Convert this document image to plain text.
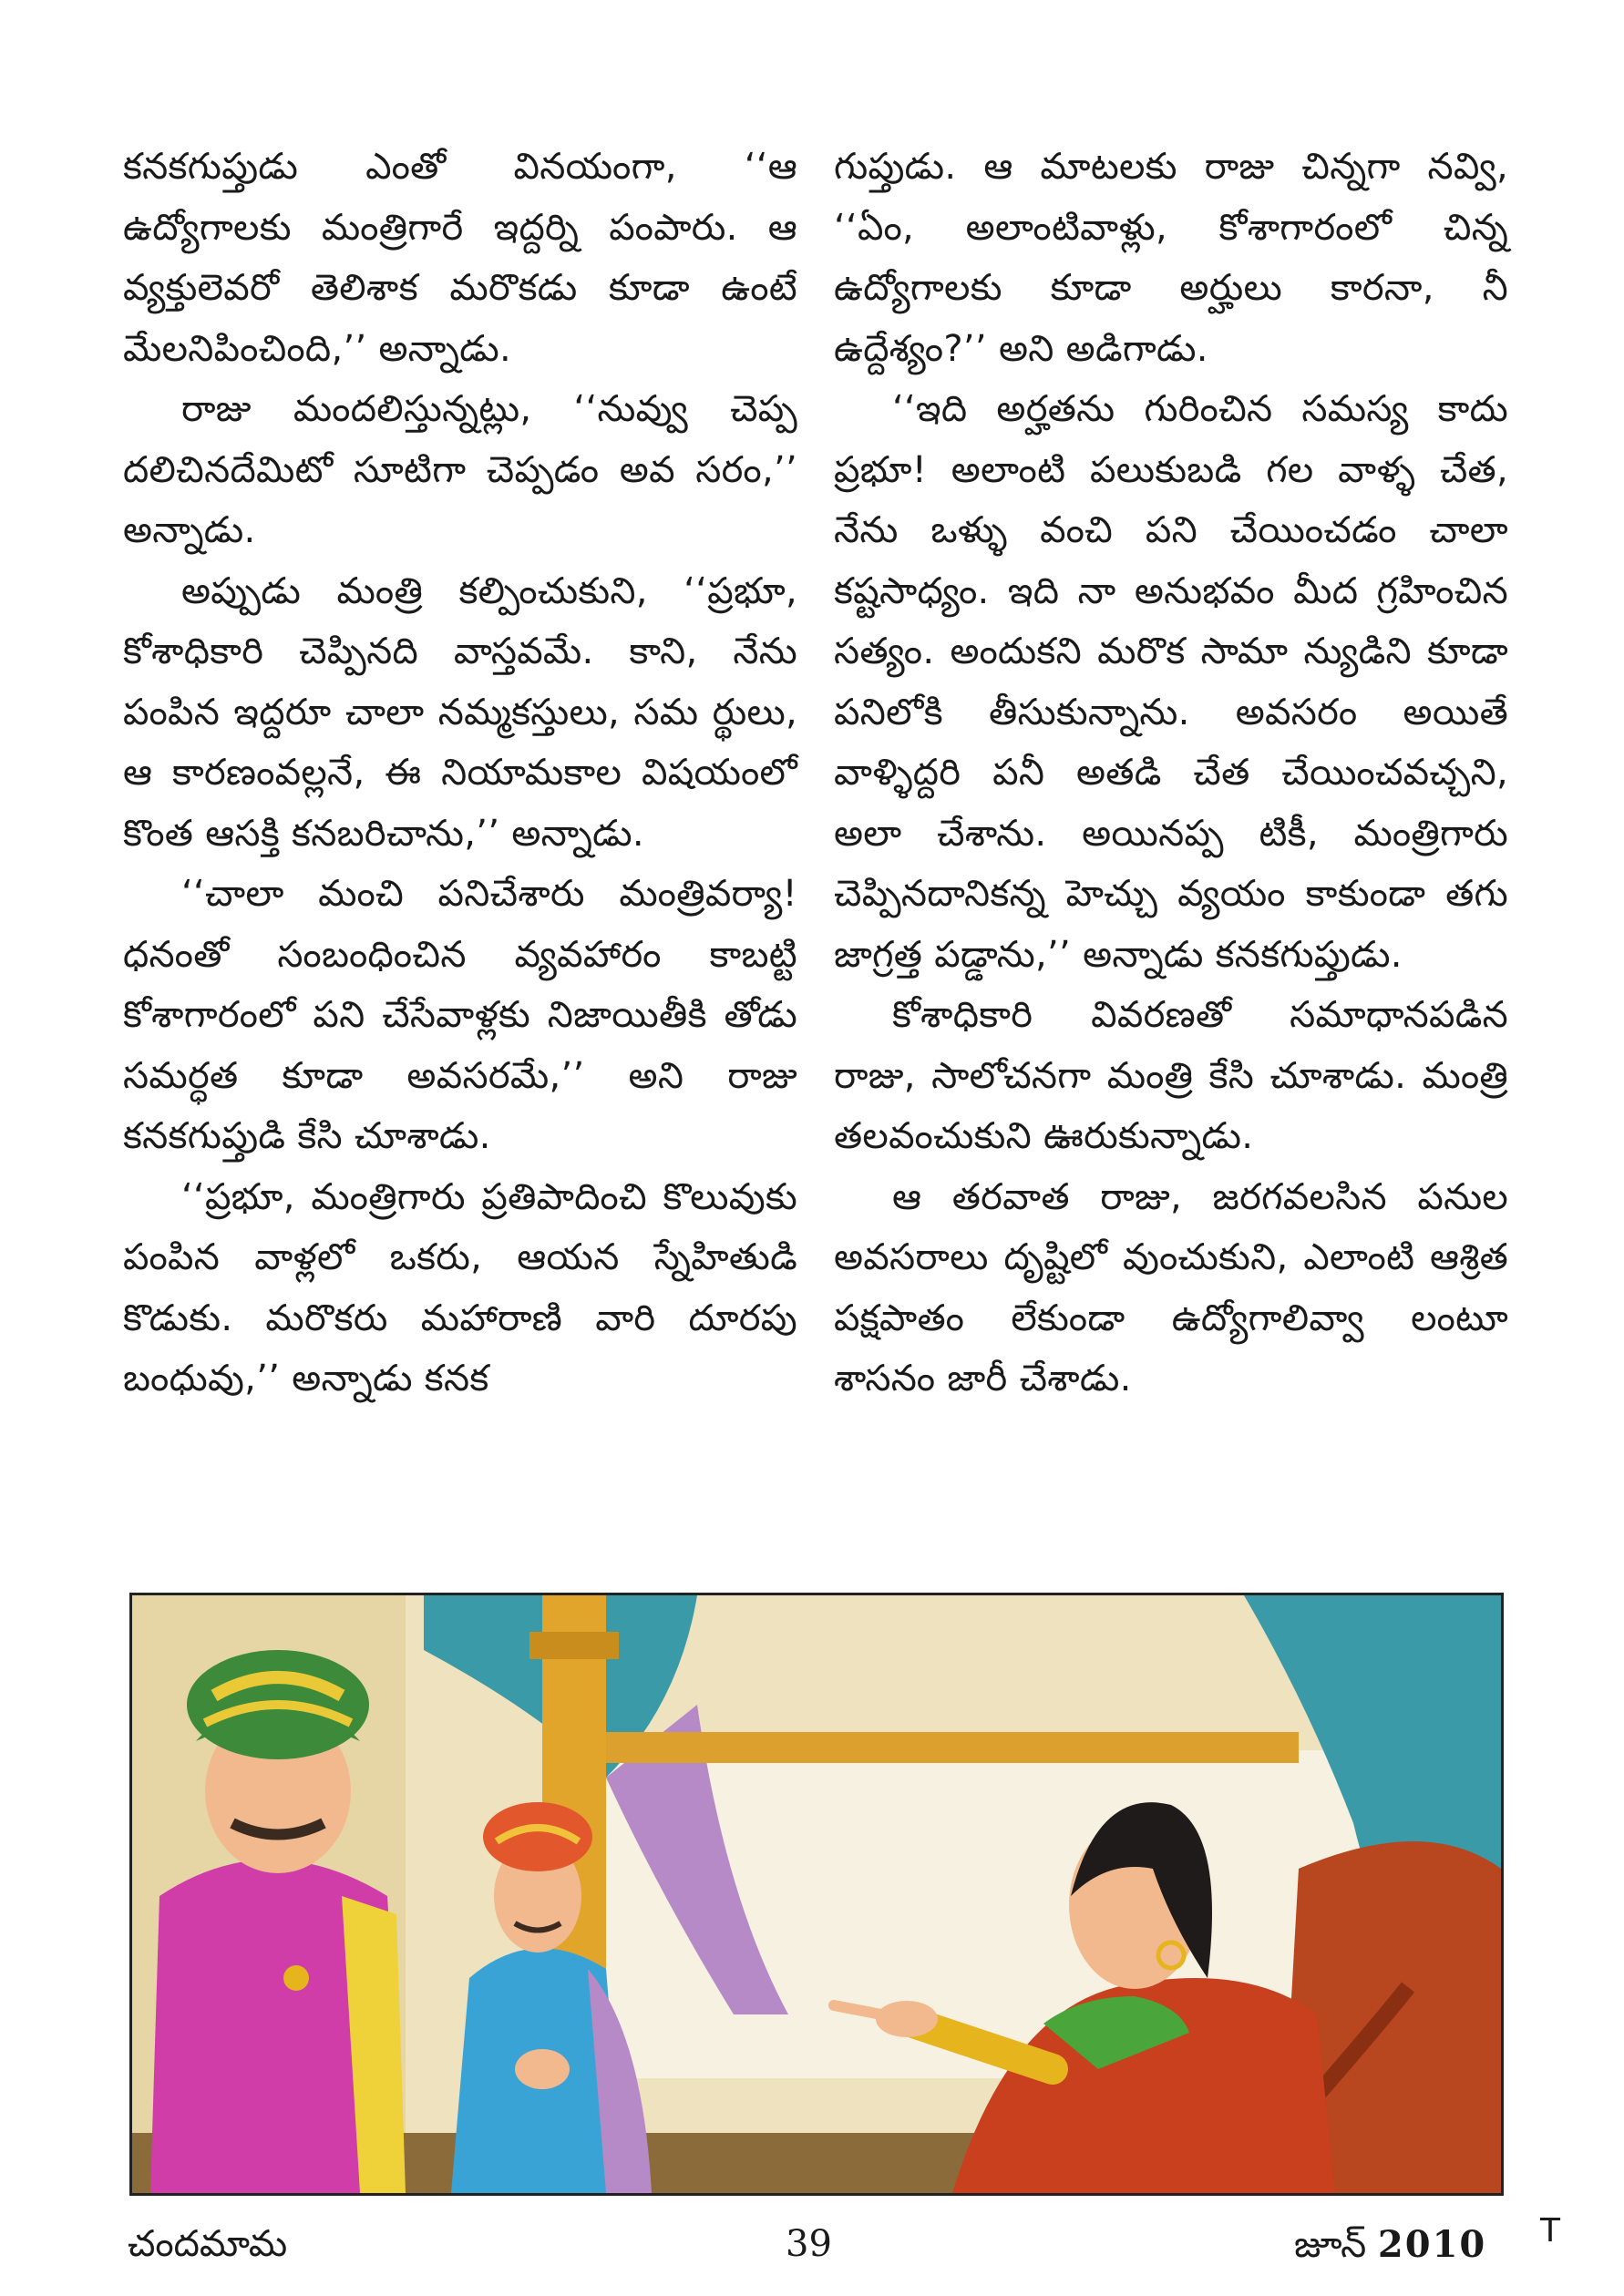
కనకగుప్తుడు ఎంతో వినయంగా, ‘‘ఆ ఉద్యోగాలకు మంత్రిగారే ఇద్దర్ని పంపారు. ఆ వ్యక్తులెవరో తెలిశాక మరొకడు కూడా ఉంటే మేలనిపించింది,’’ అన్నాడు.

రాజు మందలిస్తున్నట్లు, ‘‘నువ్వు చెప్ప దలిచినదేమిటో సూటిగా చెప్పడం అవ సరం,’’ అన్నాడు.

అప్పుడు మంత్రి కల్పించుకుని, ‘‘ప్రభూ, కోశాధికారి చెప్పినది వాస్తవమే. కాని, నేను పంపిన ఇద్దరూ చాలా నమ్మకస్తులు, సమ ర్థులు, ఆ కారణంవల్లనే, ఈ నియామకాల విషయంలో కొంత ఆసక్తి కనబరిచాను,’’ అన్నాడు.

‘‘చాలా మంచి పనిచేశారు మంత్రివర్యా! ధనంతో సంబంధించిన వ్యవహారం కాబట్టి కోశాగారంలో పని చేసేవాళ్లకు నిజాయితీకి తోడు సమర్ధత కూడా అవసరమే,’’ అని రాజు కనకగుప్తుడి కేసి చూశాడు.

‘‘ప్రభూ, మంత్రిగారు ప్రతిపాదించి కొలువుకు పంపిన వాళ్లలో ఒకరు, ఆయన స్నేహితుడి కొడుకు. మరొకరు మహారాణి వారి దూరపు బంధువు,’’ అన్నాడు కనక

గుప్తుడు. ఆ మాటలకు రాజు చిన్నగా నవ్వి, ‘‘ఏం, అలాంటివాళ్లు, కోశాగారంలో చిన్న ఉద్యోగాలకు కూడా అర్హులు కారనా, నీ ఉద్దేశ్యం?’’ అని అడిగాడు.

‘‘ఇది అర్హతను గురించిన సమస్య కాదు ప్రభూ! అలాంటి పలుకుబడి గల వాళ్ళ చేత, నేను ఒళ్ళు వంచి పని చేయించడం చాలా కష్టసాధ్యం. ఇది నా అనుభవం మీద గ్రహించిన సత్యం. అందుకని మరొక సామా న్యుడిని కూడా పనిలోకి తీసుకున్నాను. అవసరం అయితే వాళ్ళిద్దరి పనీ అతడి చేత చేయించవచ్చని, అలా చేశాను. అయినప్ప టికీ, మంత్రిగారు చెప్పినదానికన్న హెచ్చు వ్యయం కాకుండా తగు జాగ్రత్త పడ్డాను,’’ అన్నాడు కనకగుప్తుడు.

కోశాధికారి వివరణతో సమాధానపడిన రాజు, సాలోచనగా మంత్రి కేసి చూశాడు. మంత్రి తలవంచుకుని ఊరుకున్నాడు.

ఆ తరవాత రాజు, జరగవలసిన పనుల అవసరాలు దృష్టిలో వుంచుకుని, ఎలాంటి ఆశ్రిత పక్షపాతం లేకుండా ఉద్యోగాలివ్వా లంటూ శాసనం జారీ చేశాడు.

చందమామ	39	జూన్ 2010 T
